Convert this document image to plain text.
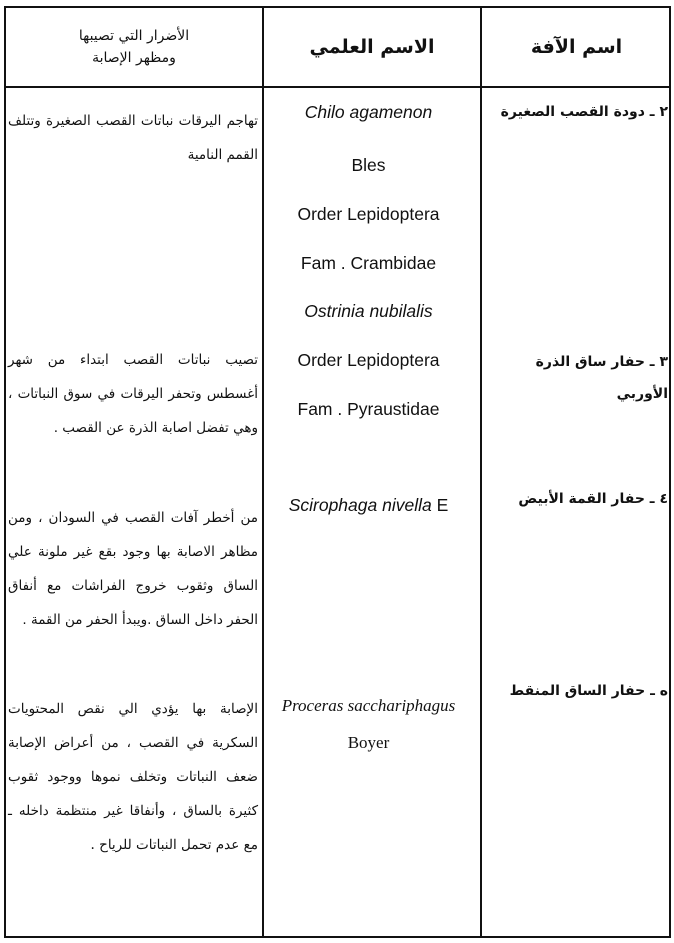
اسم الآفة
الاسم العلمي
الأضرار التي تصيبها
ومظهر الإصابة
٢ ـ دودة القصب الصغيرة
Chilo agamenon
Bles
Order Lepidoptera
Fam . Crambidae
تهاجم اليرقات نباتات القصب الصغيرة وتتلف القمم النامية
٣ ـ حفار ساق الذرة
الأوربي
Ostrinia nubilalis
Order Lepidoptera
Fam . Pyraustidae
تصيب نباتات القصب ابتداء من شهر أغسطس وتحفر اليرقات في سوق النباتات ، وهي تفضل اصابة الذرة عن القصب .
٤ ـ حفار القمة الأبيض
Scirophaga nivella E
من أخطر آفات القصب في السودان ، ومن مظاهر الاصابة بها وجود بقع غير ملونة علي الساق وثقوب خروج الفراشات مع أنفاق الحفر داخل الساق .ويبدأ الحفر من القمة .
ه ـ حفار الساق المنقط
Proceras sacchariphagus
Boyer
الإصابة بها يؤدي الي نقص المحتويات السكرية في القصب ، من أعراض الإصابة ضعف النباتات وتخلف نموها ووجود ثقوب كثيرة بالساق ، وأنفاقا غير منتظمة داخله ـ مع عدم تحمل النباتات للرياح .
